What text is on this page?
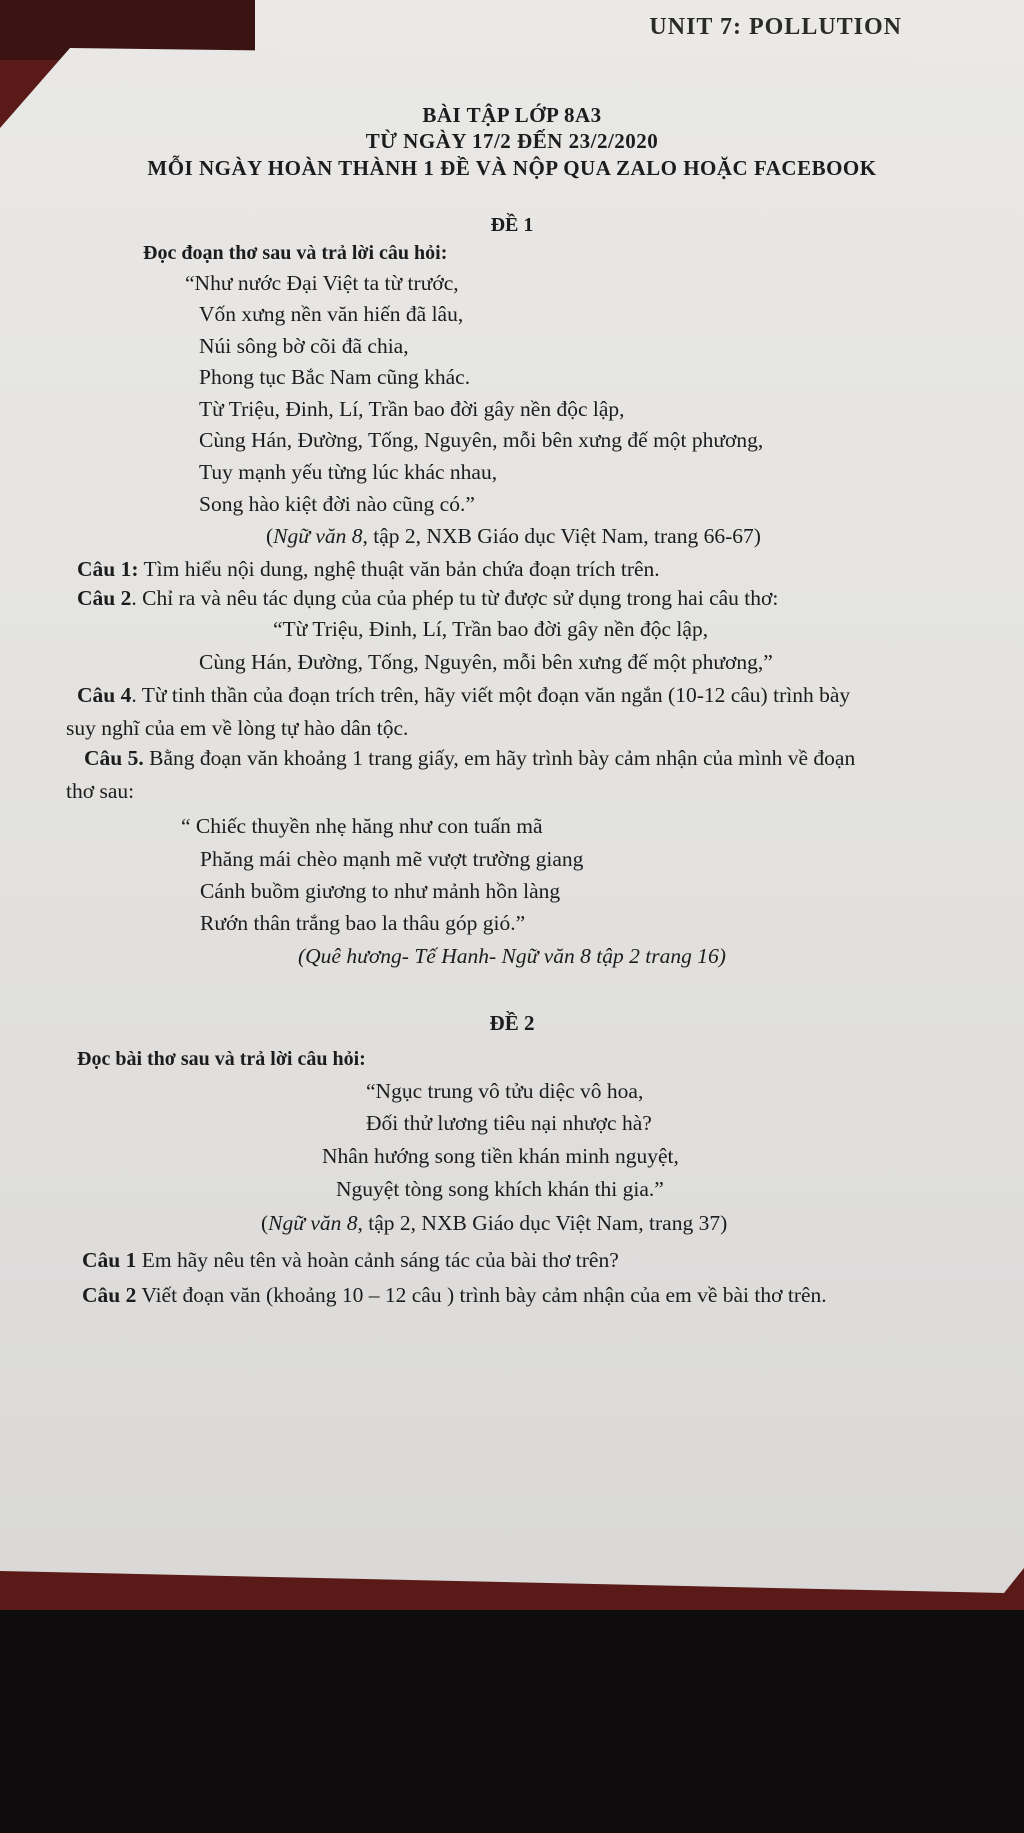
UNIT 7: POLLUTION
BÀI TẬP LỚP 8A3
TỪ NGÀY 17/2 ĐẾN 23/2/2020
MỖI NGÀY HOÀN THÀNH 1 ĐỀ VÀ NỘP QUA ZALO HOẶC FACEBOOK
ĐỀ 1
Đọc đoạn thơ sau và trả lời câu hỏi:
“Như nước Đại Việt ta từ trước,
Vốn xưng nền văn hiến đã lâu,
Núi sông bờ cõi đã chia,
Phong tục Bắc Nam cũng khác.
Từ Triệu, Đinh, Lí, Trần bao đời gây nền độc lập,
Cùng Hán, Đường, Tống, Nguyên, mỗi bên xưng đế một phương,
Tuy mạnh yếu từng lúc khác nhau,
Song hào kiệt đời nào cũng có.”
(Ngữ văn 8, tập 2, NXB Giáo dục Việt Nam, trang 66-67)
Câu 1: Tìm hiểu nội dung, nghệ thuật văn bản chứa đoạn trích trên.
Câu 2. Chỉ ra và nêu tác dụng của của phép tu từ được sử dụng trong hai câu thơ:
“Từ Triệu, Đinh, Lí, Trần bao đời gây nền độc lập,
Cùng Hán, Đường, Tống, Nguyên, mỗi bên xưng đế một phương,”
Câu 4. Từ tinh thần của đoạn trích trên, hãy viết một đoạn văn ngắn (10-12 câu) trình bày
suy nghĩ của em về lòng tự hào dân tộc.
Câu 5. Bằng đoạn văn khoảng 1 trang giấy, em hãy trình bày cảm nhận của mình về đoạn
thơ sau:
“ Chiếc thuyền nhẹ hăng như con tuấn mã
Phăng mái chèo mạnh mẽ vượt trường giang
Cánh buồm giương to như mảnh hồn làng
Rướn thân trắng bao la thâu góp gió.”
(Quê hương- Tế Hanh- Ngữ văn 8 tập 2 trang 16)
ĐỀ 2
Đọc bài thơ sau và trả lời câu hỏi:
“Ngục trung vô tửu diệc vô hoa,
Đối thử lương tiêu nại nhược hà?
Nhân hướng song tiền khán minh nguyệt,
Nguyệt tòng song khích khán thi gia.”
(Ngữ văn 8, tập 2, NXB Giáo dục Việt Nam, trang 37)
Câu 1 Em hãy nêu tên và hoàn cảnh sáng tác của bài thơ trên?
Câu 2 Viết đoạn văn (khoảng 10 – 12 câu ) trình bày cảm nhận của em về bài thơ trên.
